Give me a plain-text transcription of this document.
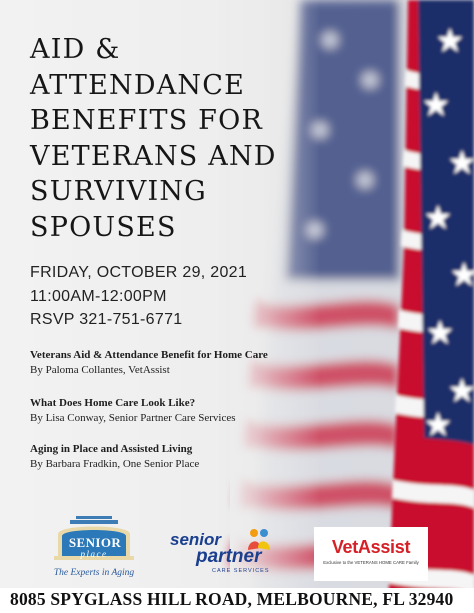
AID &
ATTENDANCE
BENEFITS FOR
VETERANS AND
SURVIVING
SPOUSES
FRIDAY, OCTOBER 29, 2021
11:00AM-12:00PM
RSVP 321-751-6771
Veterans Aid & Attendance Benefit for Home Care
By Paloma Collantes, VetAssist
What Does Home Care Look Like?
By Lisa Conway, Senior Partner Care Services
Aging in Place and Assisted Living
By Barbara Fradkin, One Senior Place
SENIOR
place
The Experts in Aging
senior
partner
CARE SERVICES
VetAssist
Exclusive to the VETERANS HOME CARE Family
8085 SPYGLASS HILL ROAD, MELBOURNE, FL 32940
